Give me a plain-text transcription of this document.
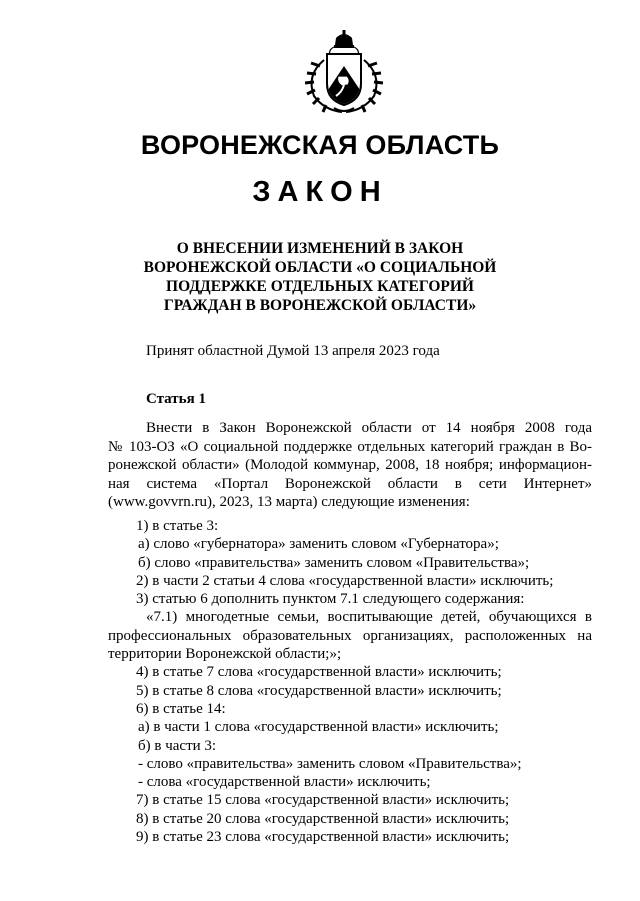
ВОРОНЕЖСКАЯ ОБЛАСТЬ
ЗАКОН
О ВНЕСЕНИИ ИЗМЕНЕНИЙ В ЗАКОН
ВОРОНЕЖСКОЙ ОБЛАСТИ «О СОЦИАЛЬНОЙ
ПОДДЕРЖКЕ ОТДЕЛЬНЫХ КАТЕГОРИЙ
ГРАЖДАН В ВОРОНЕЖСКОЙ ОБЛАСТИ»
Принят областной Думой 13 апреля 2023 года
Статья 1
Внести в Закон Воронежской области от 14 ноября 2008 года
№ 103-ОЗ «О социальной поддержке отдельных категорий граждан в Во-
ронежской области» (Молодой коммунар, 2008, 18 ноября; информацион-
ная система «Портал Воронежской области в сети Интернет»
(www.govvrn.ru), 2023, 13 марта) следующие изменения:
1) в статье 3:
а) слово «губернатора» заменить словом «Губернатора»;
б) слово «правительства» заменить словом «Правительства»;
2) в части 2 статьи 4 слова «государственной власти» исключить;
3) статью 6 дополнить пунктом 7.1 следующего содержания:
«7.1) многодетные семьи, воспитывающие детей, обучающихся в
профессиональных образовательных организациях, расположенных на
территории Воронежской области;»;
4) в статье 7 слова «государственной власти» исключить;
5) в статье 8 слова «государственной власти» исключить;
6) в статье 14:
а) в части 1 слова «государственной власти» исключить;
б) в части 3:
- слово «правительства» заменить словом «Правительства»;
- слова «государственной власти» исключить;
7) в статье 15 слова «государственной власти» исключить;
8) в статье 20 слова «государственной власти» исключить;
9) в статье 23 слова «государственной власти» исключить;
